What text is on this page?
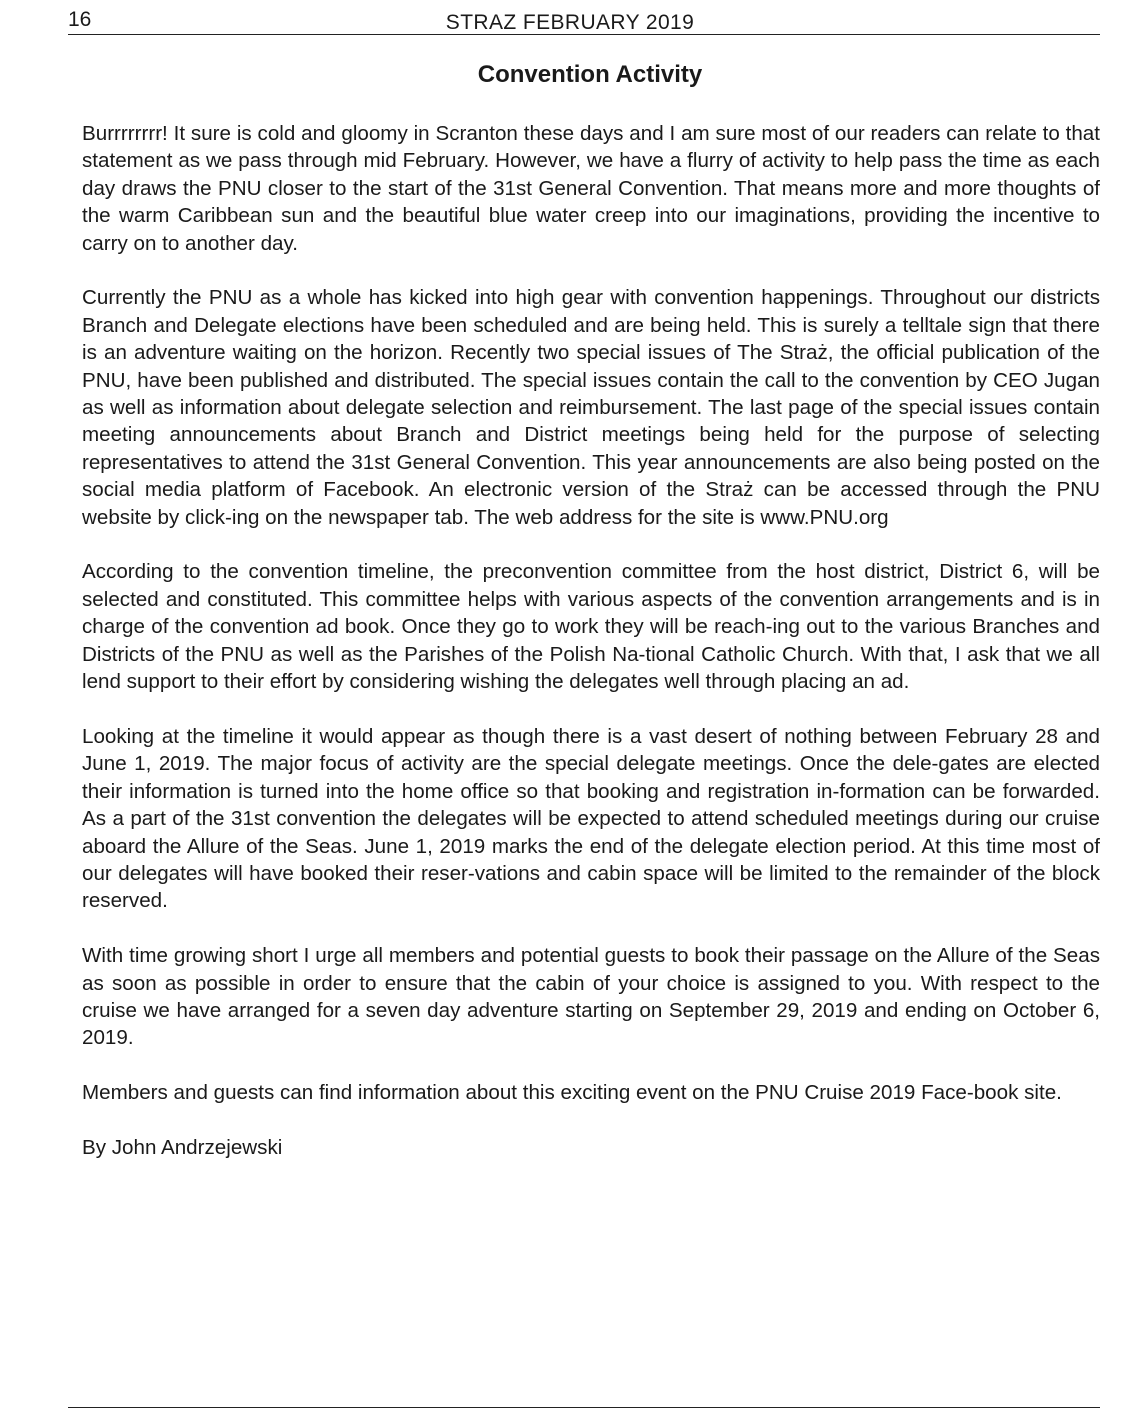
16	STRAZ FEBRUARY 2019
Convention Activity

Burrrrrrrr! It sure is cold and gloomy in Scranton these days and I am sure most of our readers can relate to that statement as we pass through mid February. However, we have a flurry of activity to help pass the time as each day draws the PNU closer to the start of the 31st General Convention. That means more and more thoughts of the warm Caribbean sun and the beautiful blue water creep into our imaginations, providing the incentive to carry on to another day.

Currently the PNU as a whole has kicked into high gear with convention happenings. Throughout our districts Branch and Delegate elections have been scheduled and are being held. This is surely a telltale sign that there is an adventure waiting on the horizon. Recently two special issues of The Straż, the official publication of the PNU, have been published and distributed. The special issues contain the call to the convention by CEO Jugan as well as information about delegate selection and reimbursement. The last page of the special issues contain meeting announcements about Branch and District meetings being held for the purpose of selecting representatives to attend the 31st General Convention. This year announcements are also being posted on the social media platform of Facebook. An electronic version of the Straż can be accessed through the PNU website by click-ing on the newspaper tab. The web address for the site is www.PNU.org

According to the convention timeline, the preconvention committee from the host district, District 6, will be selected and constituted. This committee helps with various aspects of the convention arrangements and is in charge of the convention ad book. Once they go to work they will be reach-ing out to the various Branches and Districts of the PNU as well as the Parishes of the Polish Na-tional Catholic Church. With that, I ask that we all lend support to their effort by considering wishing the delegates well through placing an ad.

Looking at the timeline it would appear as though there is a vast desert of nothing between February 28 and June 1, 2019. The major focus of activity are the special delegate meetings. Once the dele-gates are elected their information is turned into the home office so that booking and registration in-formation can be forwarded. As a part of the 31st convention the delegates will be expected to attend scheduled meetings during our cruise aboard the Allure of the Seas. June 1, 2019 marks the end of the delegate election period. At this time most of our delegates will have booked their reser-vations and cabin space will be limited to the remainder of the block reserved.

With time growing short I urge all members and potential guests to book their passage on the Allure of the Seas as soon as possible in order to ensure that the cabin of your choice is assigned to you. With respect to the cruise we have arranged for a seven day adventure starting on September 29, 2019 and ending on October 6, 2019.

Members and guests can find information about this exciting event on the PNU Cruise 2019 Face-book site.

By John Andrzejewski
